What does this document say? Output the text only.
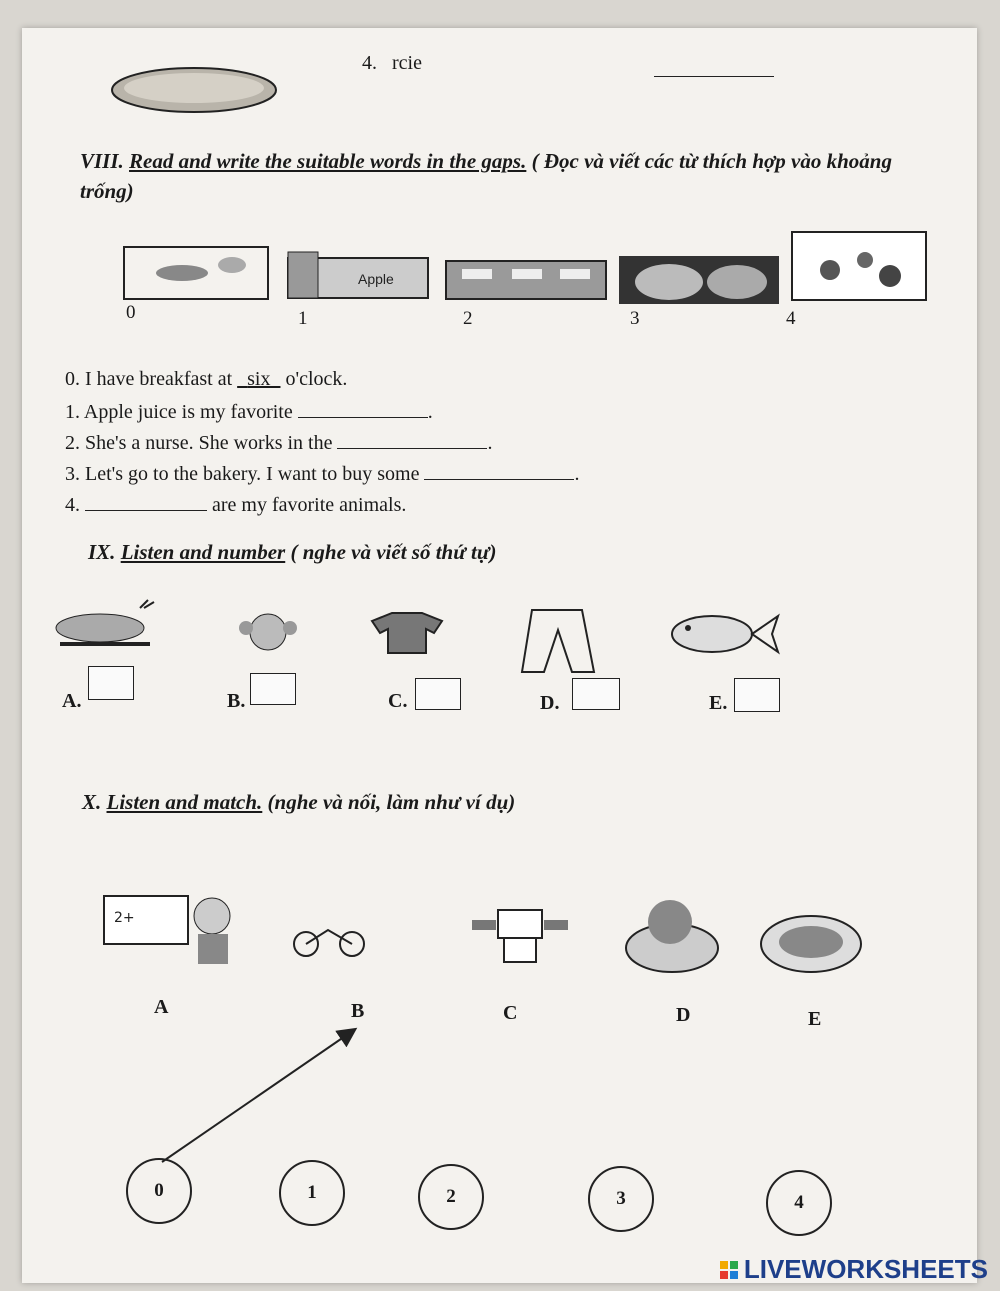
4. rcie
VIII. Read and write the suitable words in the gaps. ( Đọc và viết các từ thích hợp vào khoảng trống)
Apple
0	1	2	3	4
0. I have breakfast at   six   o'clock.
1. Apple juice is my favorite	.
2. She's a nurse. She works in the	.
3. Let's go to the bakery. I want to buy some	.
4.	are my favorite animals.
IX. Listen and number ( nghe và viết số thứ tự)
A.	B.	C.	D.	E.
X. Listen and match. (nghe và nối, làm như ví dụ)
2+
A	B	C	D	E
0	1	2	3	4
LIVEWORKSHEETS
